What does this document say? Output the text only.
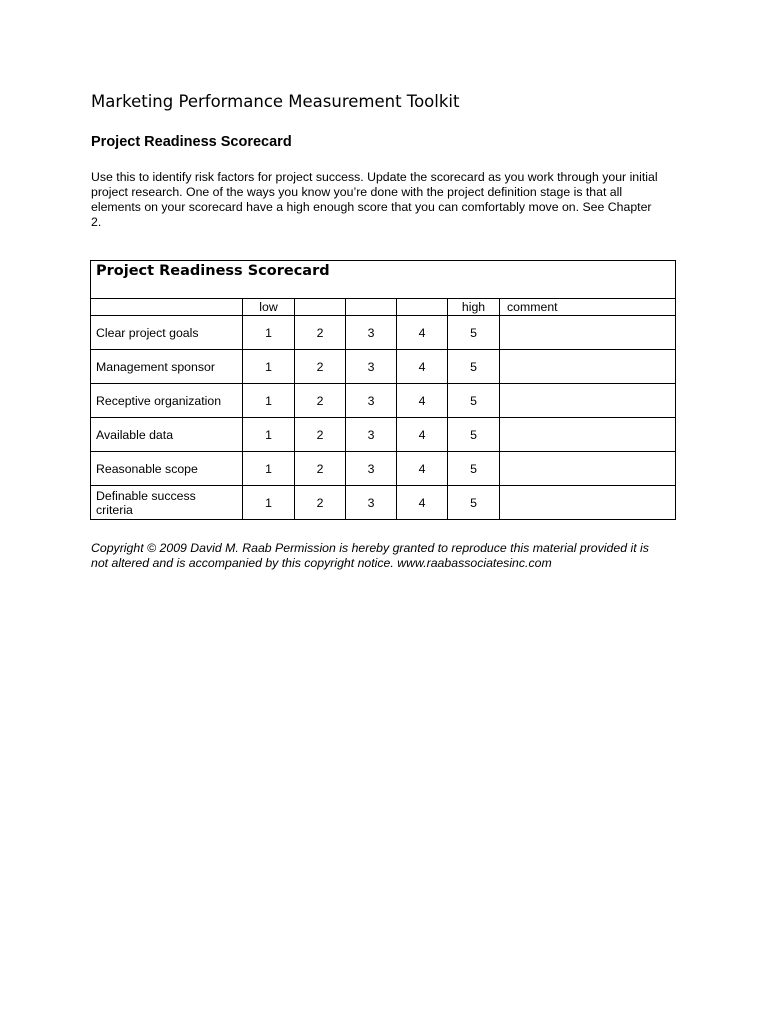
Marketing Performance Measurement Toolkit
Project Readiness Scorecard
Use this to identify risk factors for project success. Update the scorecard as you work through your initial
project research. One of the ways you know you’re done with the project definition stage is that all
elements on your scorecard have a high enough score that you can comfortably move on. See Chapter
2.
Project Readiness Scorecard						
	low				high	comment

Clear project goals	1	2	3	4	5	

Management sponsor	1	2	3	4	5	

Receptive organization	1	2	3	4	5	

Available data	1	2	3	4	5	

Reasonable scope	1	2	3	4	5	

Definable success
criteria	1	2	3	4	5	
Copyright © 2009 David M. Raab Permission is hereby granted to reproduce this material provided it is
not altered and is accompanied by this copyright notice. www.raabassociatesinc.com
